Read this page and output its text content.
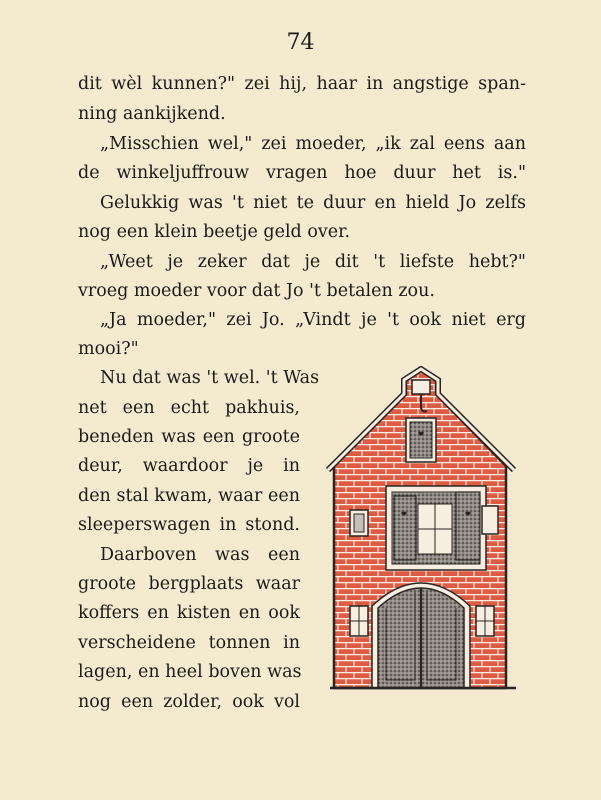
74
dit wèl kunnen?" zei hij, haar in angstige span-
ning aankijkend.
„Misschien wel," zei moeder, „ik zal eens aan
de winkeljuffrouw vragen hoe duur het is."
Gelukkig was 't niet te duur en hield Jo zelfs
nog een klein beetje geld over.
„Weet je zeker dat je dit 't liefste hebt?"
vroeg moeder voor dat Jo 't betalen zou.
„Ja moeder," zei Jo. „Vindt je 't ook niet erg
mooi?"
Nu dat was 't wel. 't Was
net een echt pakhuis,
beneden was een groote
deur, waardoor je in
den stal kwam, waar een
sleeperswagen in stond.
Daarboven was een
groote bergplaats waar
koffers en kisten en ook
verscheidene tonnen in
lagen, en heel boven was
nog een zolder, ook vol
